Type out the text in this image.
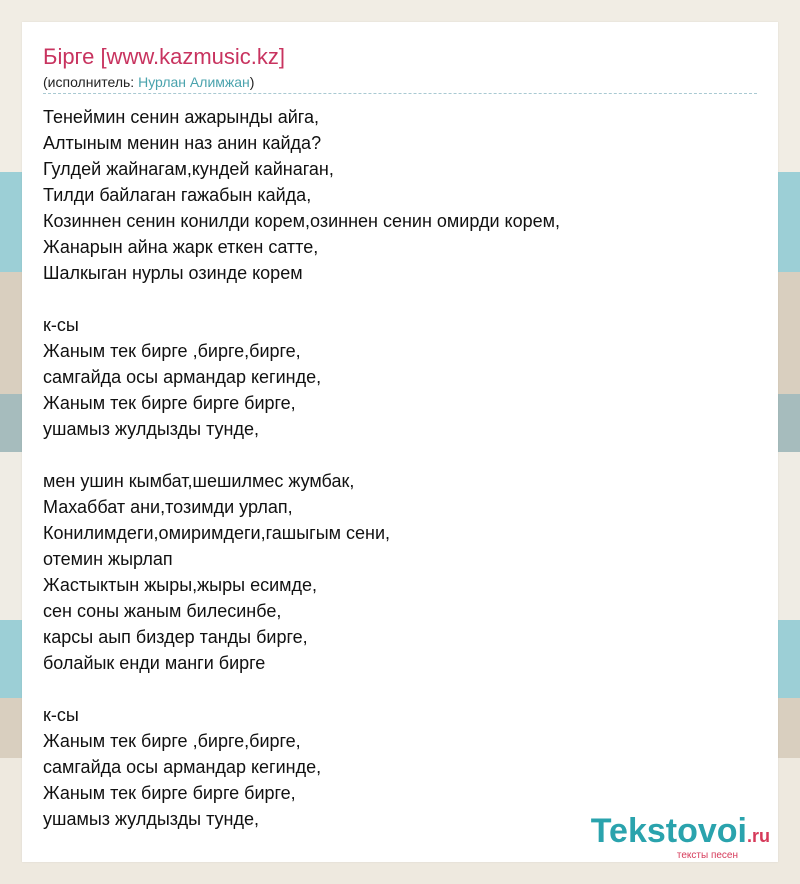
Бірге [www.kazmusic.kz]
(исполнитель: Нурлан Алимжан)
Тенеймин сенин ажарынды айга,
Алтыным менин наз анин кайда?
Гулдей жайнагам,кундей кайнаган,
Тилди байлаган гажабын кайда,
Козиннен сенин конилди корем,озиннен сенин омирди корем,
Жанарын айна жарк еткен сатте,
Шалкыган нурлы озинде корем
к-сы
Жаным тек бирге ,бирге,бирге,
самгайда осы армандар кегинде,
Жаным тек бирге бирге бирге,
ушамыз жулдызды тунде,
мен ушин кымбат,шешилмес жумбак,
Махаббат ани,тозимди урлап,
Конилимдеги,омиримдеги,гашыгым сени,
отемин жырлап
Жастыктын жыры,жыры есимде,
сен соны жаным билесинбе,
карсы аып биздер танды бирге,
болайык енди манги бирге
к-сы
Жаным тек бирге ,бирге,бирге,
самгайда осы армандар кегинде,
Жаным тек бирге бирге бирге,
ушамыз жулдызды тунде,	Tekstovoi.ru
тексты песен
